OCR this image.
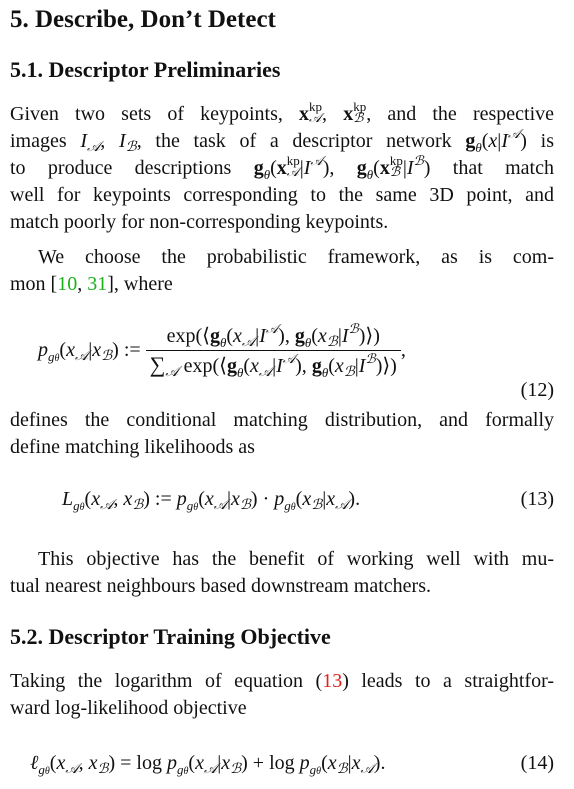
5. Describe, Don’t Detect
5.1. Descriptor Preliminaries
Given two sets of keypoints, x kp
𝒜 , x kp
ℬ , and the respective
images $I_𝒜$, $I_ℬ$, the task of a descriptor network $g_\theta(x|I^𝒜)$ is
to produce descriptions $g_\theta(x$ kp
𝒜 $|I^𝒜$), $g_\theta(x$ kp
ℬ $|I^ℬ$) that match
well for keypoints corresponding to the same 3D point, and
match poorly for non-corresponding keypoints.
We choose the probabilistic framework, as is com-
mon [10, 31], where
$p_{g\theta}(x_𝒜|x_ℬ)$ := $\frac{\exp(⟨g_\theta(x_𝒜|I^𝒜), g_\theta(x_ℬ|I^ℬ)⟩)}{\sum_𝒜 \exp(⟨g_\theta(x_𝒜|I^𝒜), g_\theta(x_ℬ|I^ℬ)⟩)}$ ,
(12)
defines the conditional matching distribution, and formally
define matching likelihoods as
$L_{g\theta}(x_𝒜$, $x_ℬ$) := $p_{g\theta}(x_𝒜|x_ℬ) \cdot p_{g\theta}(x_ℬ|x_𝒜)$.	(13)
This objective has the benefit of working well with mu-
tual nearest neighbours based downstream matchers.
5.2. Descriptor Training Objective
Taking the logarithm of equation (13) leads to a straightfor-
ward log-likelihood objective
$\ell_{g\theta}(x_𝒜$, $x_ℬ) = \log p_{g\theta}(x_𝒜|x_ℬ) + \log p_{g\theta}(x_ℬ|x_𝒜)$.	(14)
